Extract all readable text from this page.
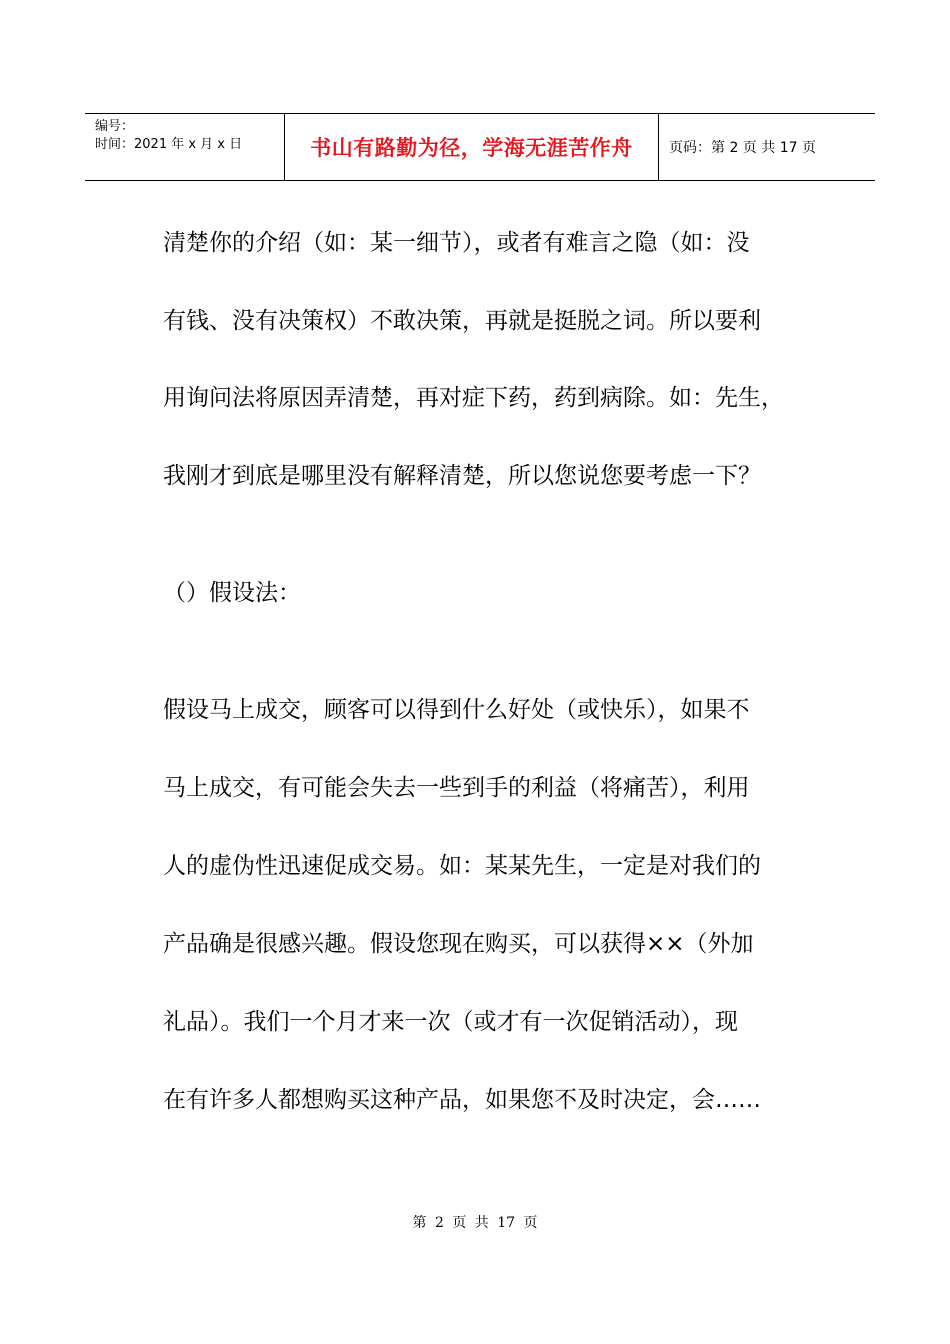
编号：
时间：2021 年 x 月 x 日	书山有路勤为径，学海无涯苦作舟	页码：第 2 页 共 17 页
清楚你的介绍（如：某一细节），或者有难言之隐（如：没
有钱、没有决策权）不敢决策，再就是挺脱之词。所以要利
用询问法将原因弄清楚，再对症下药，药到病除。如：先生，
我刚才到底是哪里没有解释清楚，所以您说您要考虑一下？
（）假设法：
假设马上成交，顾客可以得到什么好处（或快乐），如果不
马上成交，有可能会失去一些到手的利益（将痛苦），利用
人的虚伪性迅速促成交易。如：某某先生，一定是对我们的
产品确是很感兴趣。假设您现在购买，可以获得××（外加
礼品）。我们一个月才来一次（或才有一次促销活动），现
在有许多人都想购买这种产品，如果您不及时决定，会……
第 2 页 共 17 页
